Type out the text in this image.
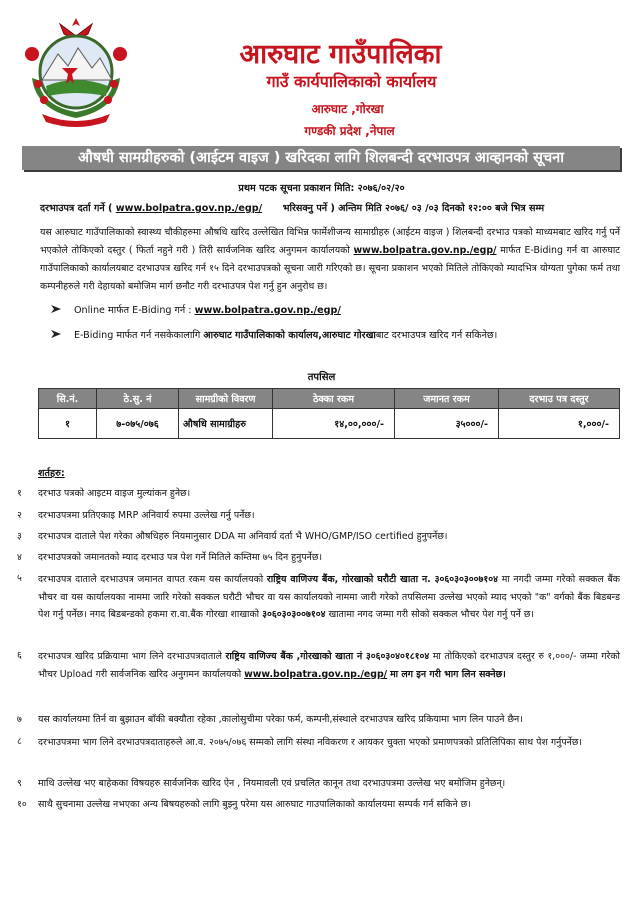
आरुघाट गाउँपालिका
गाउँ कार्यपालिकाको कार्यालय
आरुघाट ,गोरखा
गण्डकी प्रदेश ,नेपाल
औषधी सामग्रीहरुको (आईटम वाइज ) खरिदका लागि शिलबन्दी दरभाउपत्र आव्हानको सूचना
प्रथम पटक सूचना प्रकाशन मिति: २०७६/०२/२०
दरभाउपत्र दर्ता गर्ने ( www.bolpatra.gov.np./egp/ भरिसक्नु पर्ने ) अन्तिम मिति २०७६/ ०३ /०३ दिनको १२:०० बजे भित्र सम्म
यस आरुघाट गाउँपालिकाको स्वास्थ्य चौकीहरुमा औषधि खरिद उल्लेखित विभिन्न फार्मेशीजन्य सामाग्रीहरु (आईटम वाइज ) शिलबन्दी दरभाउ पत्रको माध्यमबाट खरिद गर्नु पर्ने भएकोले तोकिएको दस्तुर ( फिर्ता नहुने गरी ) तिरी सार्वजनिक खरिद अनुगमन कार्यालयको www.bolpatra.gov.np./egp/ मार्फत E-Biding गर्न वा आरुघाट गाउँपालिकाको कार्यालयबाट दरभाउपत्र खरिद गर्न १५ दिने दरभाउपत्रको सूचना जारी गरिएको छ। सूचना प्रकाशन भएको मितिले तोकिएको म्यादभित्र योग्यता पुगेका फर्म तथा कम्पनीहरुले गरी देहायको बमोजिम मार्ग छनौट गरी दरभाउपत्र पेश गर्नु हुन अनुरोध छ।
Online मार्फत E-Biding गर्न : www.bolpatra.gov.np./egp/
E-Biding मार्फत गर्न नसकेकालागि आरुघाट गाउँपालिकाको कार्यालय,आरुघाट गोरखाबाट दरभाउपत्र खरिद गर्न सकिनेछ।
तपसिल
सि.नं.	ठे.सु. नं	सामग्रीको विवरण	ठेक्का रकम	जमानत रकम	दरभाउ पत्र दस्तुर
१	७-०७५/०७६	औषधि सामाग्रीहरु	१४,००,०००/-	३५०००/-	१,०००/-
शर्तहरु:
१ दरभाउ पत्रको आइटम वाइज मुल्यांकन हुनेछ।
२ दरभाउपत्रमा प्रतिएकाइ MRP अनिवार्य रुपमा उल्लेख गर्नु पर्नेछ।
३ दरभाउपत्र दाताले पेश गरेका औषधिहरु नियमानुसार DDA मा अनिवार्य दर्ता भै WHO/GMP/ISO certified हुनुपर्नेछ।
४ दरभाउपत्रको जमानतको म्याद दरभाउ पत्र पेश गर्ने मितिले कम्तिमा ७५ दिन हुनुपर्नेछ।
५ दरभाउपत्र दाताले दरभाउपत्र जमानत वापत रकम यस कार्यालयको राष्ट्रिय वाणिज्य बैंक, गोरखाको घरौटी खाता न. ३०६०३०३००७१०४ मा नगदी जम्मा गरेको सक्कल बैंक भौचर वा यस कार्यालयका नाममा जारि गरेको सक्कल घरौटी भौचर वा यस कार्यालयको नाममा जारी गरेको तपसिलमा उल्लेख भएको म्याद भएको "क" वर्गको बैंक बिडबन्ड पेश गर्नु पर्नेछ। नगद बिडबन्डको हकमा रा.वा.बैंक गोरखा शाखाको ३०६०३०३००७१०४ खातामा नगद जम्मा गरी सोको सक्कल भौचर पेश गर्नु पर्ने छ।
६ दरभाउपत्र खरिद प्रक्रियामा भाग लिने दरभाउपत्रदाताले राष्ट्रिय वाणिज्य बैंक ,गोरखाको खाता नं ३०६०३०४०१८१०४ मा तोकिएको दरभाउपत्र दस्तुर रु १,०००/- जम्मा गरेको भौचर Upload गरी सार्वजनिक खरिद अनुगमन कार्यालयको www.bolpatra.gov.np./egp/ मा लग इन गरी भाग लिन सक्नेछ।
७ यस कार्यालयमा तिर्न वा बुझाउन बाँकी बक्यौता रहेका ,कालोसुचीमा परेका फर्म, कम्पनी,संस्थाले दरभाउपत्र खरिद प्रकियामा भाग लिन पाउने छैन।
८ दरभाउपत्रमा भाग लिने दरभाउपत्रदाताहरुले आ.व. २०७५/०७६ सम्मको लागि संस्था नविकरण र आयकर चुक्ता भएको प्रमाणपत्रको प्रतिलिपिका साथ पेश गर्नुपर्नेछ।
९ माथि उल्लेख भए बाहेकका विषयहरु सार्वजनिक खरिद ऐन , नियमावली एवं प्रचलित कानून तथा दरभाउपत्रमा उल्लेख भए बमोजिम हुनेछन्।
१० साथै सुचनामा उल्लेख नभएका अन्य बिषयहरुको लागि बुझ्नु परेमा यस आरुघाट गाउपालिकाको कार्यालयमा सम्पर्क गर्न सकिने छ।
